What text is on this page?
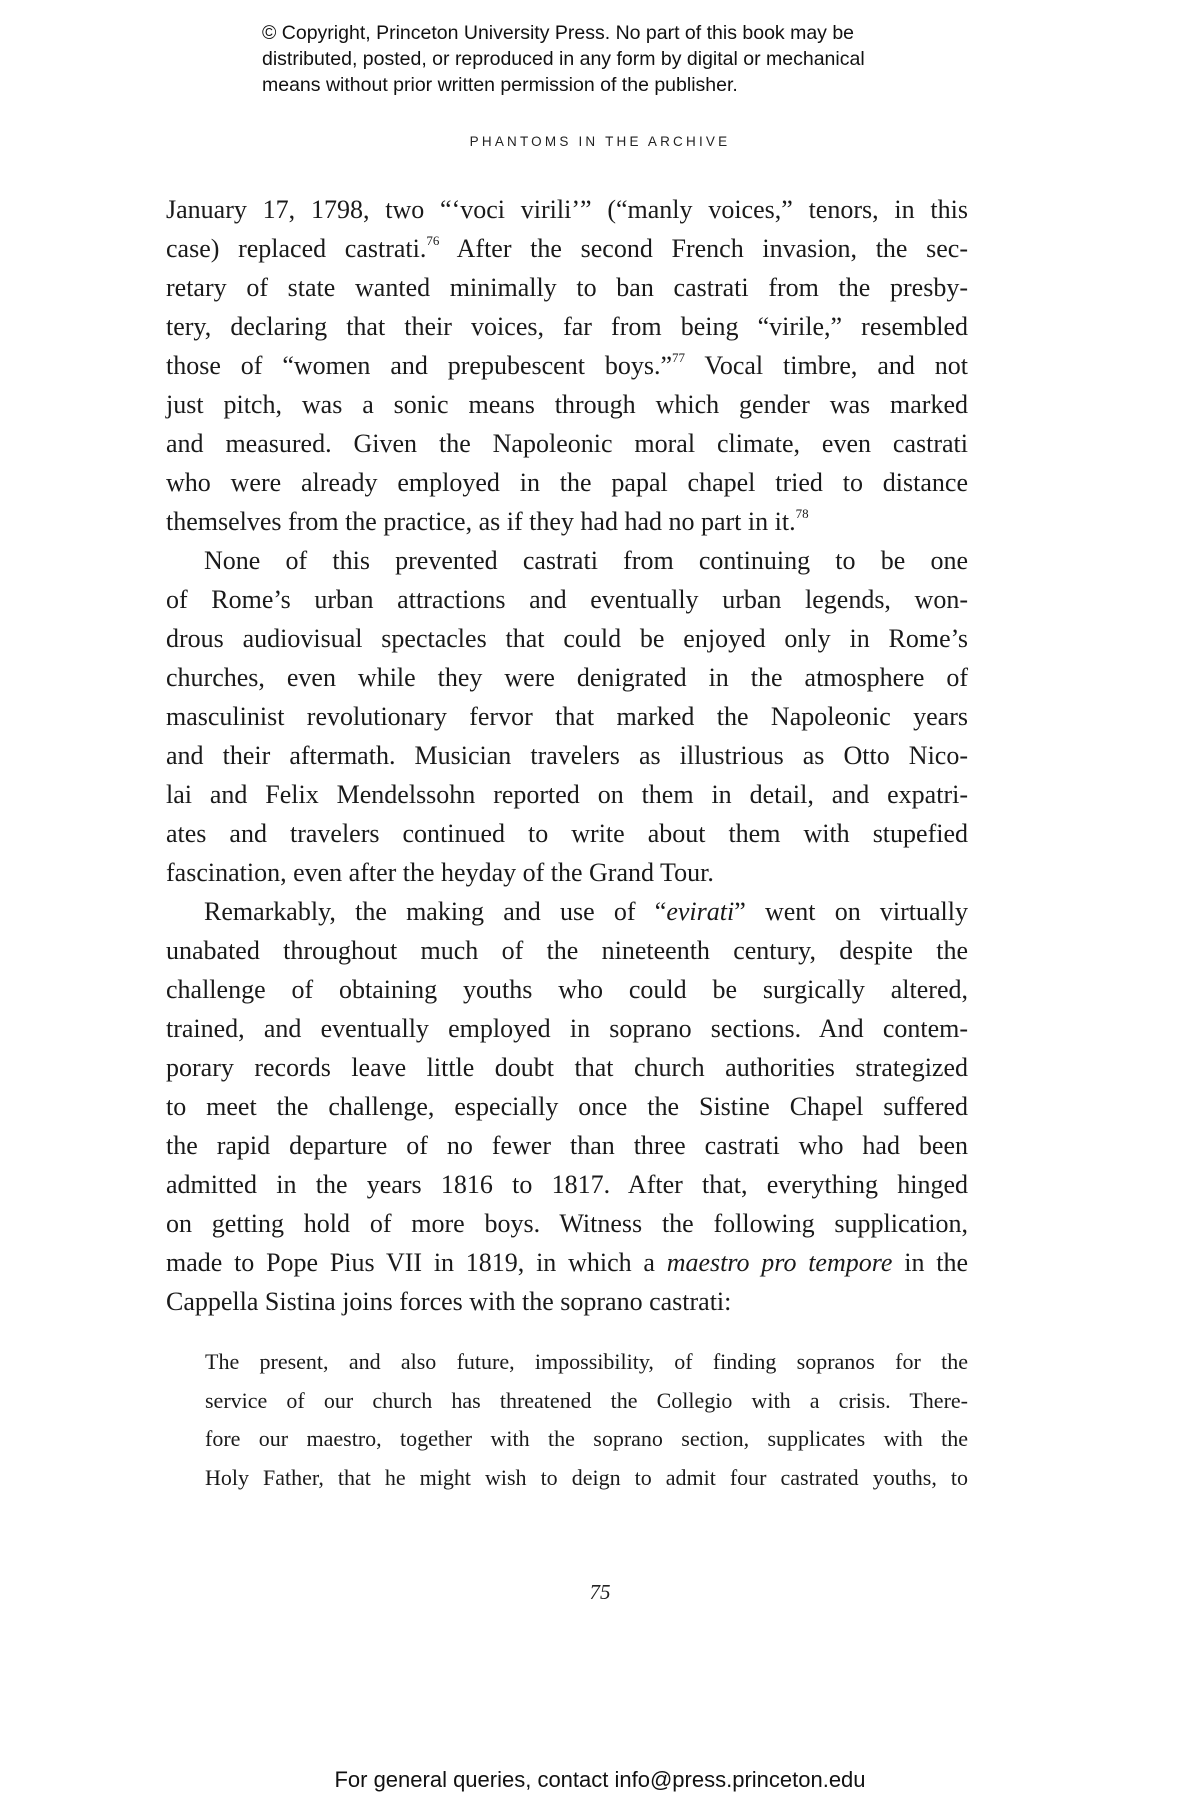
© Copyright, Princeton University Press. No part of this book may be
distributed, posted, or reproduced in any form by digital or mechanical
means without prior written permission of the publisher.
PHANTOMS IN THE ARCHIVE
January 17, 1798, two “‘voci virili’” (“manly voices,” tenors, in this
case) replaced castrati.$^{76}$ After the second French invasion, the sec-
retary of state wanted minimally to ban castrati from the presby-
tery, declaring that their voices, far from being “virile,” resembled
those of “women and prepubescent boys.”$^{77}$ Vocal timbre, and not
just pitch, was a sonic means through which gender was marked
and measured. Given the Napoleonic moral climate, even castrati
who were already employed in the papal chapel tried to distance
themselves from the practice, as if they had had no part in it.$^{78}$
None of this prevented castrati from continuing to be one
of Rome’s urban attractions and eventually urban legends, won-
drous audiovisual spectacles that could be enjoyed only in Rome’s
churches, even while they were denigrated in the atmosphere of
masculinist revolutionary fervor that marked the Napoleonic years
and their aftermath. Musician travelers as illustrious as Otto Nico-
lai and Felix Mendelssohn reported on them in detail, and expatri-
ates and travelers continued to write about them with stupefied
fascination, even after the heyday of the Grand Tour.
Remarkably, the making and use of “evirati” went on virtually
unabated throughout much of the nineteenth century, despite the
challenge of obtaining youths who could be surgically altered,
trained, and eventually employed in soprano sections. And contem-
porary records leave little doubt that church authorities strategized
to meet the challenge, especially once the Sistine Chapel suffered
the rapid departure of no fewer than three castrati who had been
admitted in the years 1816 to 1817. After that, everything hinged
on getting hold of more boys. Witness the following supplication,
made to Pope Pius VII in 1819, in which a maestro pro tempore in the
Cappella Sistina joins forces with the soprano castrati:
The present, and also future, impossibility, of finding sopranos for the
service of our church has threatened the Collegio with a crisis. There-
fore our maestro, together with the soprano section, supplicates with the
Holy Father, that he might wish to deign to admit four castrated youths, to
75
For general queries, contact info@press.princeton.edu
